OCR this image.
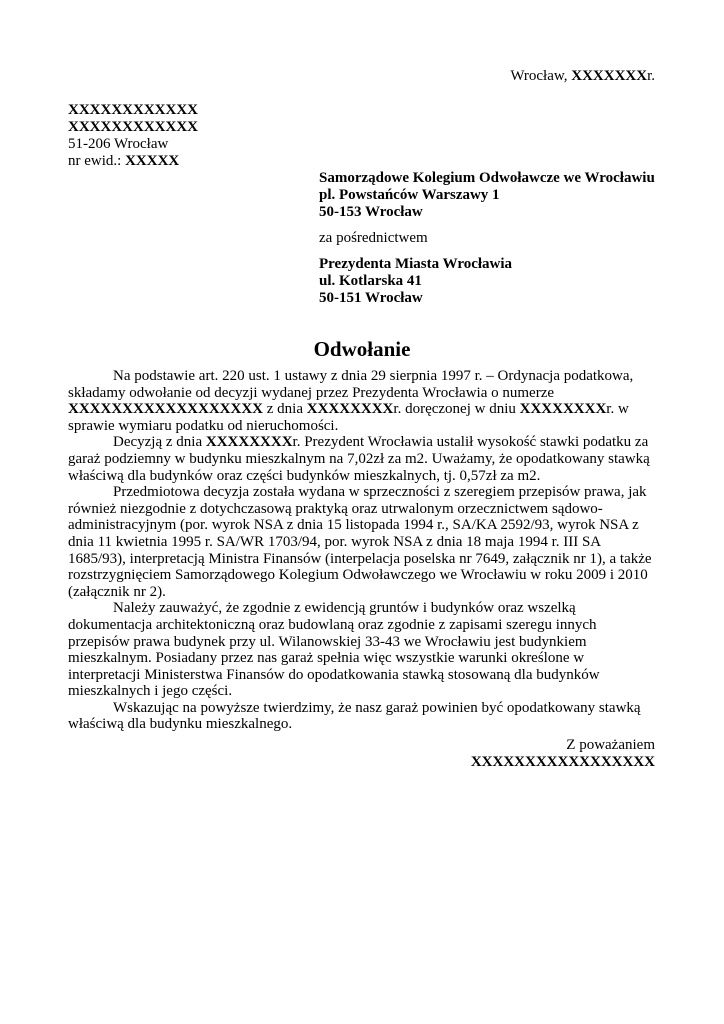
Wrocław, XXXXXXXr.
XXXXXXXXXXXX
XXXXXXXXXXXX
51-206 Wrocław
nr ewid.: XXXXX
Samorządowe Kolegium Odwoławcze we Wrocławiu
pl. Powstańców Warszawy 1
50-153 Wrocław
za pośrednictwem
Prezydenta Miasta Wrocławia
ul. Kotlarska 41
50-151 Wrocław
Odwołanie

Na podstawie art. 220 ust. 1 ustawy z dnia 29 sierpnia 1997 r. – Ordynacja podatkowa, składamy odwołanie od decyzji wydanej przez Prezydenta Wrocławia o numerze XXXXXXXXXXXXXXXXXX z dnia XXXXXXXXr. doręczonej w dniu XXXXXXXXr. w sprawie wymiaru podatku od nieruchomości.

Decyzją z dnia XXXXXXXXr. Prezydent Wrocławia ustalił wysokość stawki podatku za garaż podziemny w budynku mieszkalnym na 7,02zł za m2. Uważamy, że opodatkowany stawką właściwą dla budynków oraz części budynków mieszkalnych, tj. 0,57zł za m2.

Przedmiotowa decyzja została wydana w sprzeczności z szeregiem przepisów prawa, jak również niezgodnie z dotychczasową praktyką oraz utrwalonym orzecznictwem sądowo-administracyjnym (por. wyrok NSA z dnia 15 listopada 1994 r., SA/KA 2592/93, wyrok NSA z dnia 11 kwietnia 1995 r. SA/WR 1703/94, por. wyrok NSA z dnia 18 maja 1994 r. III SA 1685/93), interpretacją Ministra Finansów (interpelacja poselska nr 7649, załącznik nr 1), a także rozstrzygnięciem Samorządowego Kolegium Odwoławczego we Wrocławiu w roku 2009 i 2010 (załącznik nr 2).

Należy zauważyć, że zgodnie z ewidencją gruntów i budynków oraz wszelką dokumentacja architektoniczną oraz budowlaną oraz zgodnie z zapisami szeregu innych przepisów prawa budynek przy ul. Wilanowskiej 33-43 we Wrocławiu jest budynkiem mieszkalnym. Posiadany przez nas garaż spełnia więc wszystkie warunki określone w interpretacji Ministerstwa Finansów do opodatkowania stawką stosowaną dla budynków mieszkalnych i jego części.

Wskazując na powyższe twierdzimy, że nasz garaż powinien być opodatkowany stawką właściwą dla budynku mieszkalnego.

Z poważaniem
XXXXXXXXXXXXXXXXX
